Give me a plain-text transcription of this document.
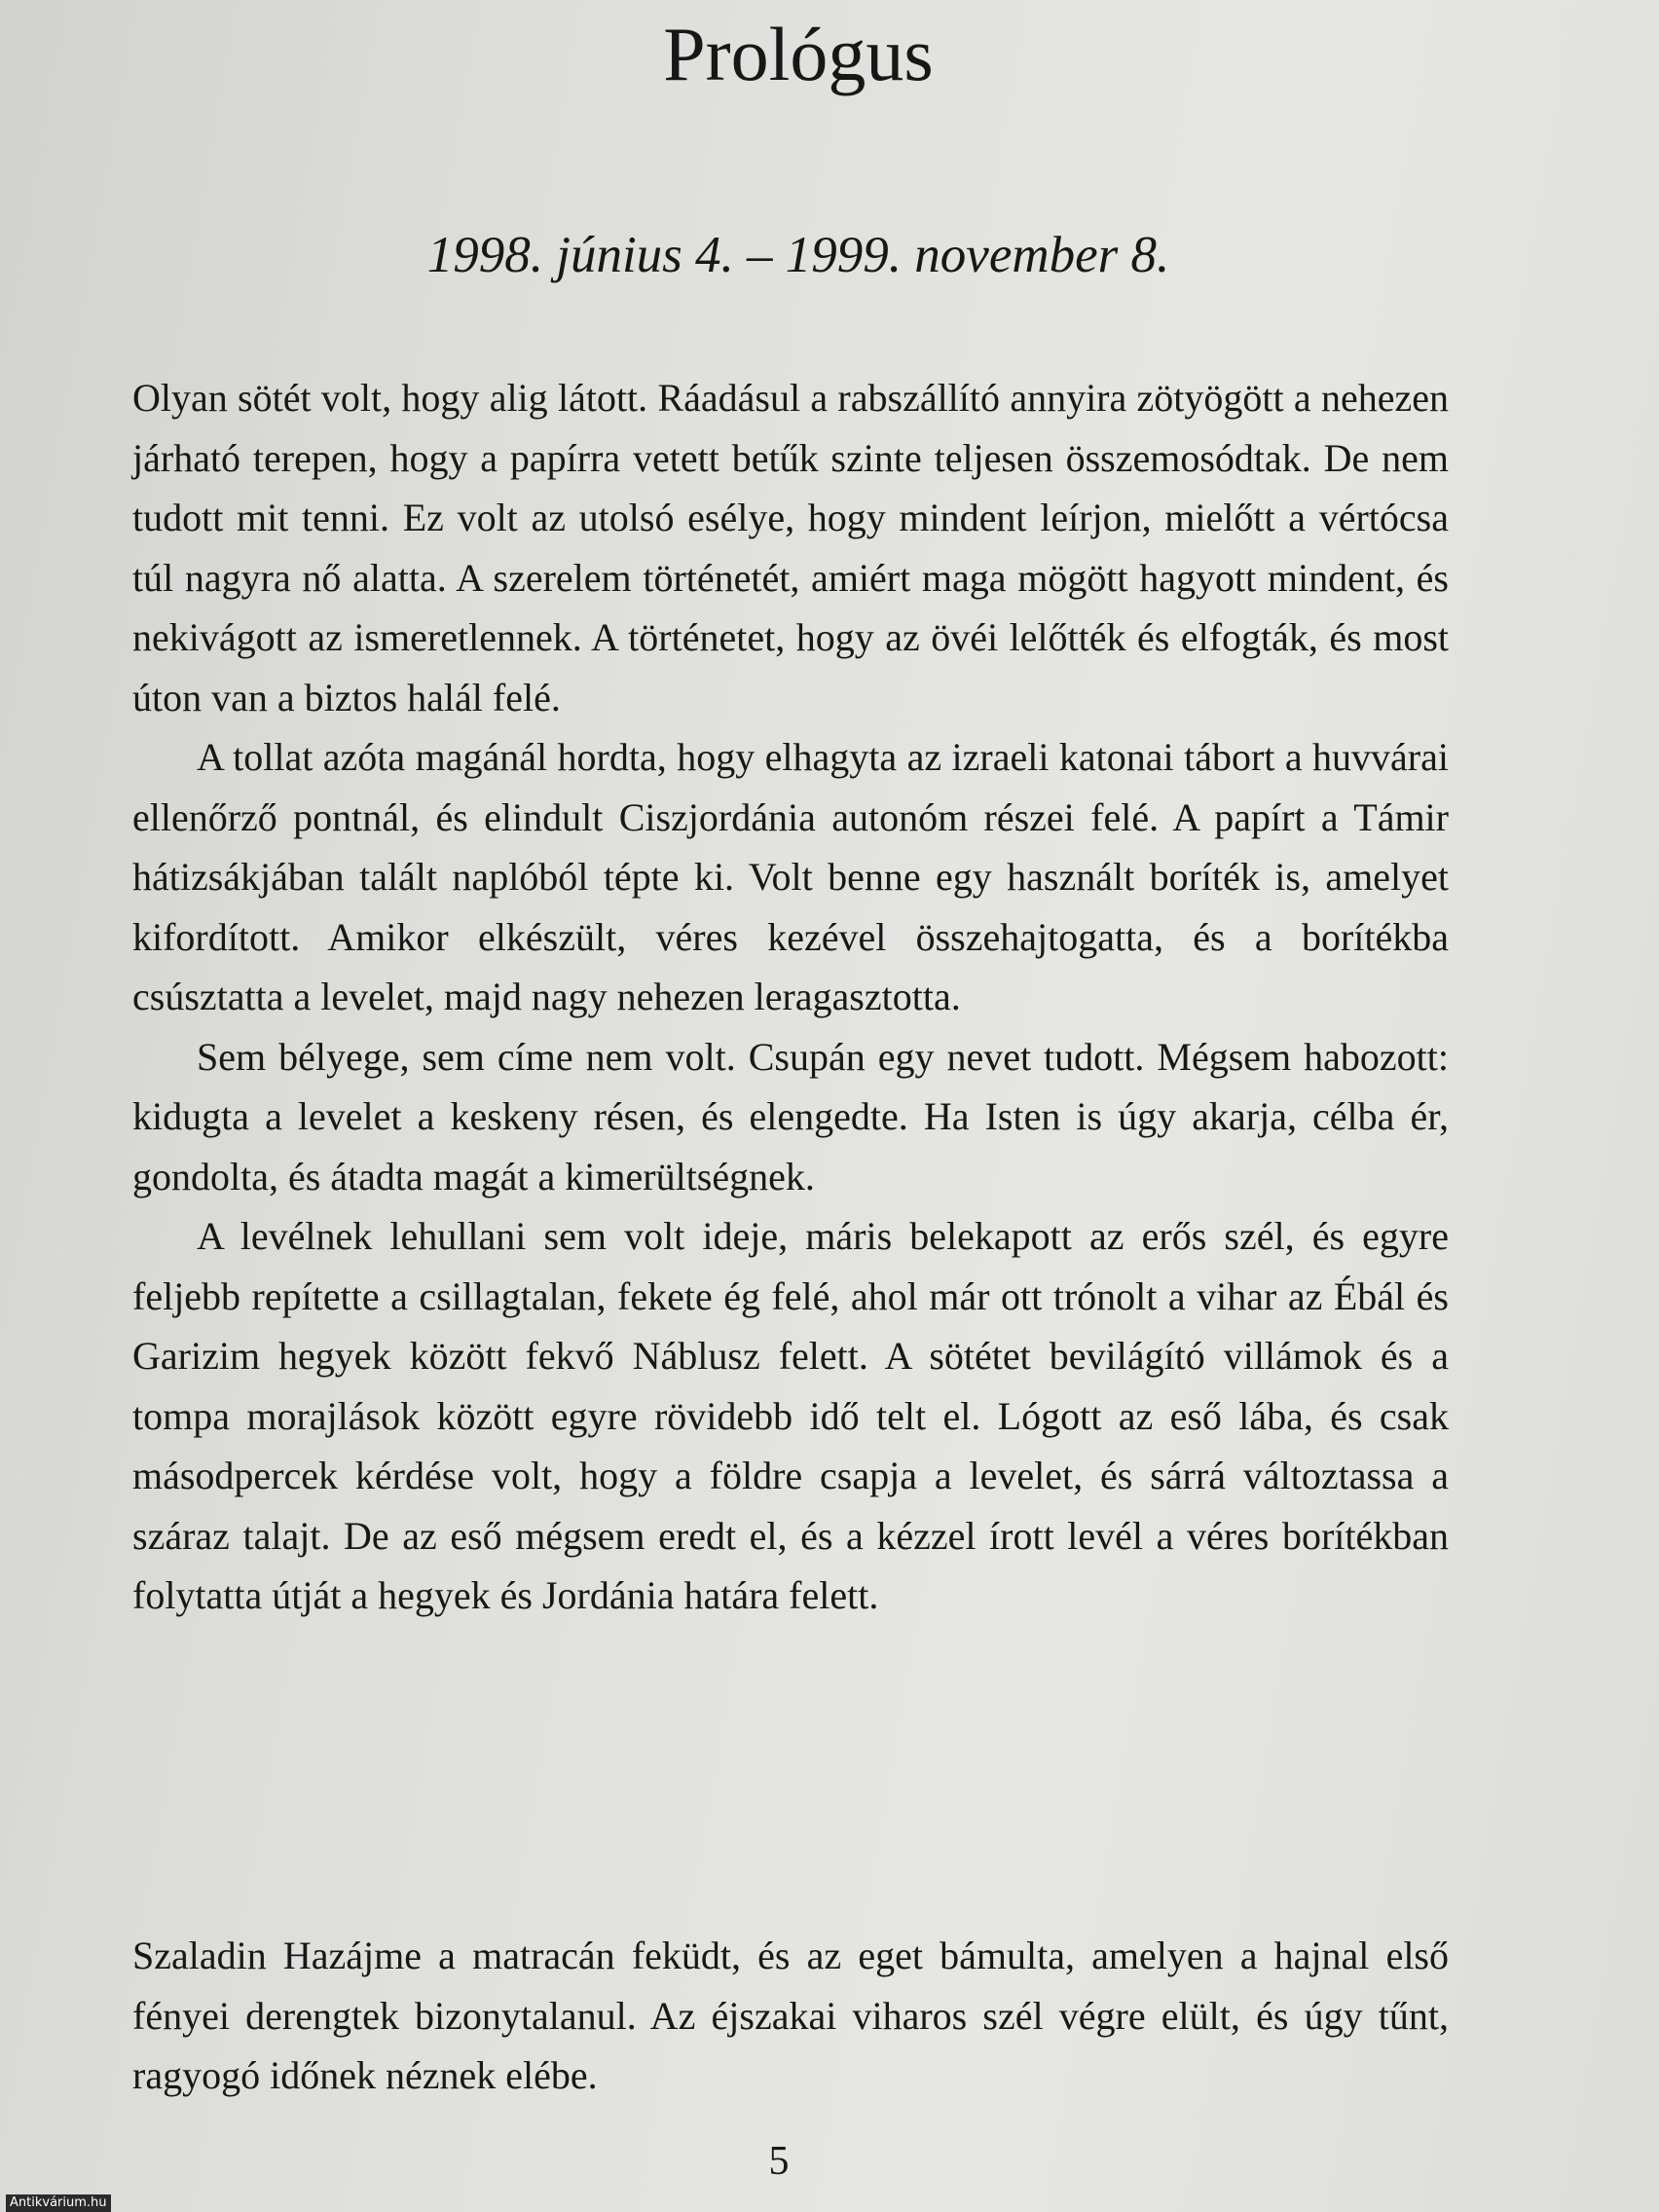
Prológus
1998. június 4. – 1999. november 8.

Olyan sötét volt, hogy alig látott. Ráadásul a rabszállító annyira zötyögött a nehezen járható terepen, hogy a papírra vetett betűk szinte teljesen összemosódtak. De nem tudott mit tenni. Ez volt az utolsó esélye, hogy mindent leírjon, mielőtt a vértócsa túl nagyra nő alatta. A szerelem történetét, amiért maga mögött hagyott mindent, és nekivágott az ismeretlennek. A történetet, hogy az övéi lelőtték és elfogták, és most úton van a biztos halál felé.

A tollat azóta magánál hordta, hogy elhagyta az izraeli katonai tábort a huvvárai ellenőrző pontnál, és elindult Ciszjordánia autonóm részei felé. A papírt a Támir hátizsákjában talált naplóból tépte ki. Volt benne egy használt boríték is, amelyet kifordított. Amikor elkészült, véres kezével összehajtogatta, és a borítékba csúsztatta a levelet, majd nagy nehezen leragasztotta.

Sem bélyege, sem címe nem volt. Csupán egy nevet tudott. Mégsem habozott: kidugta a levelet a keskeny résen, és elengedte. Ha Isten is úgy akarja, célba ér, gondolta, és átadta magát a kimerültségnek.

A levélnek lehullani sem volt ideje, máris belekapott az erős szél, és egyre feljebb repítette a csillagtalan, fekete ég felé, ahol már ott trónolt a vihar az Ébál és Garizim hegyek között fekvő Náblusz felett. A sötétet bevilágító villámok és a tompa morajlások között egyre rövidebb idő telt el. Lógott az eső lába, és csak másodpercek kérdése volt, hogy a földre csapja a levelet, és sárrá változtassa a száraz talajt. De az eső mégsem eredt el, és a kézzel írott levél a véres borítékban folytatta útját a hegyek és Jordánia határa felett.

Szaladin Hazájme a matracán feküdt, és az eget bámulta, amelyen a hajnal első fényei derengtek bizonytalanul. Az éjszakai viharos szél végre elült, és úgy tűnt, ragyogó időnek néznek elébe.

5
Antikvárium.hu
